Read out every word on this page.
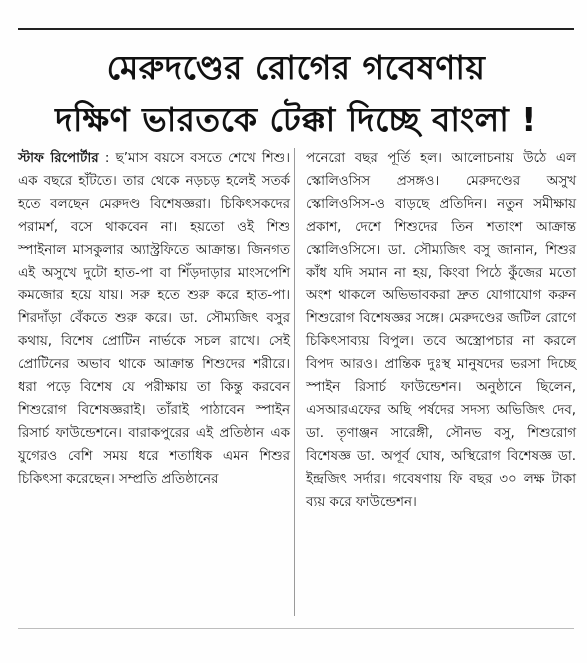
মেরুদণ্ডের রোগের গবেষণায়
দক্ষিণ ভারতকে টেক্কা দিচ্ছে বাংলা !
স্টাফ রিপোর্টার : ছ’মাস বয়সে বসতে শেখে শিশু। এক বছরে হাঁটতে। তার থেকে নড়চড় হলেই সতর্ক হতে বলছেন মেরুদণ্ড বিশেষজ্ঞরা। চিকিৎসকদের পরামর্শ, বসে থাকবেন না। হয়তো ওই শিশু স্পাইনাল মাসকুলার অ্যাস্ট্রফিতে আক্রান্ত। জিনগত এই অসুখে দুটো হাত-পা বা শিঁড়দাড়ার মাংসপেশি কমজোর হয়ে যায়। সরু হতে শুরু করে হাত-পা। শিরদাঁড়া বেঁকতে শুরু করে। ডা. সৌম্যজিৎ বসুর কথায়, বিশেষ প্রোটিন নার্ভকে সচল রাখে। সেই প্রোটিনের অভাব থাকে আক্রান্ত শিশুদের শরীরে। ধরা পড়ে বিশেষ যে পরীক্ষায় তা কিন্তু করবেন শিশুরোগ বিশেষজ্ঞরাই। তাঁরাই পাঠাবেন স্পাইন রিসার্চ ফাউন্ডেশনে। বারাকপুরের এই প্রতিষ্ঠান এক যুগেরও বেশি সময় ধরে শতাধিক এমন শিশুর চিকিৎসা করেছেন। সম্প্রতি প্রতিষ্ঠানের
পনেরো বছর পূর্তি হল। আলোচনায় উঠে এল স্কোলিওসিস প্রসঙ্গও। মেরুদণ্ডের অসুখ স্কোলিওসিস-ও বাড়ছে প্রতিদিন। নতুন সমীক্ষায় প্রকাশ, দেশে শিশুদের তিন শতাংশ আক্রান্ত স্কোলিওসিসে। ডা. সৌম্যজিৎ বসু জানান, শিশুর কাঁধ যদি সমান না হয়, কিংবা পিঠে কুঁজের মতো অংশ থাকলে অভিভাবকরা দ্রুত যোগাযোগ করুন শিশুরোগ বিশেষজ্ঞর সঙ্গে। মেরুদণ্ডের জটিল রোগে চিকিৎসাব্যয় বিপুল। তবে অস্ত্রোপচার না করলে বিপদ আরও। প্রান্তিক দুঃস্থ মানুষদের ভরসা দিচ্ছে স্পাইন রিসার্চ ফাউন্ডেশন। অনুষ্ঠানে ছিলেন, এসআরএফের অছি পর্ষদের সদস্য অভিজিৎ দেব, ডা. তৃণাঞ্জন সারেঙ্গী, সৌনভ বসু, শিশুরোগ বিশেষজ্ঞ ডা. অপূর্ব ঘোষ, অস্থিরোগ বিশেষজ্ঞ ডা. ইন্দ্রজিৎ সর্দার। গবেষণায় ফি বছর ৩০ লক্ষ টাকা ব্যয় করে ফাউন্ডেশন।
